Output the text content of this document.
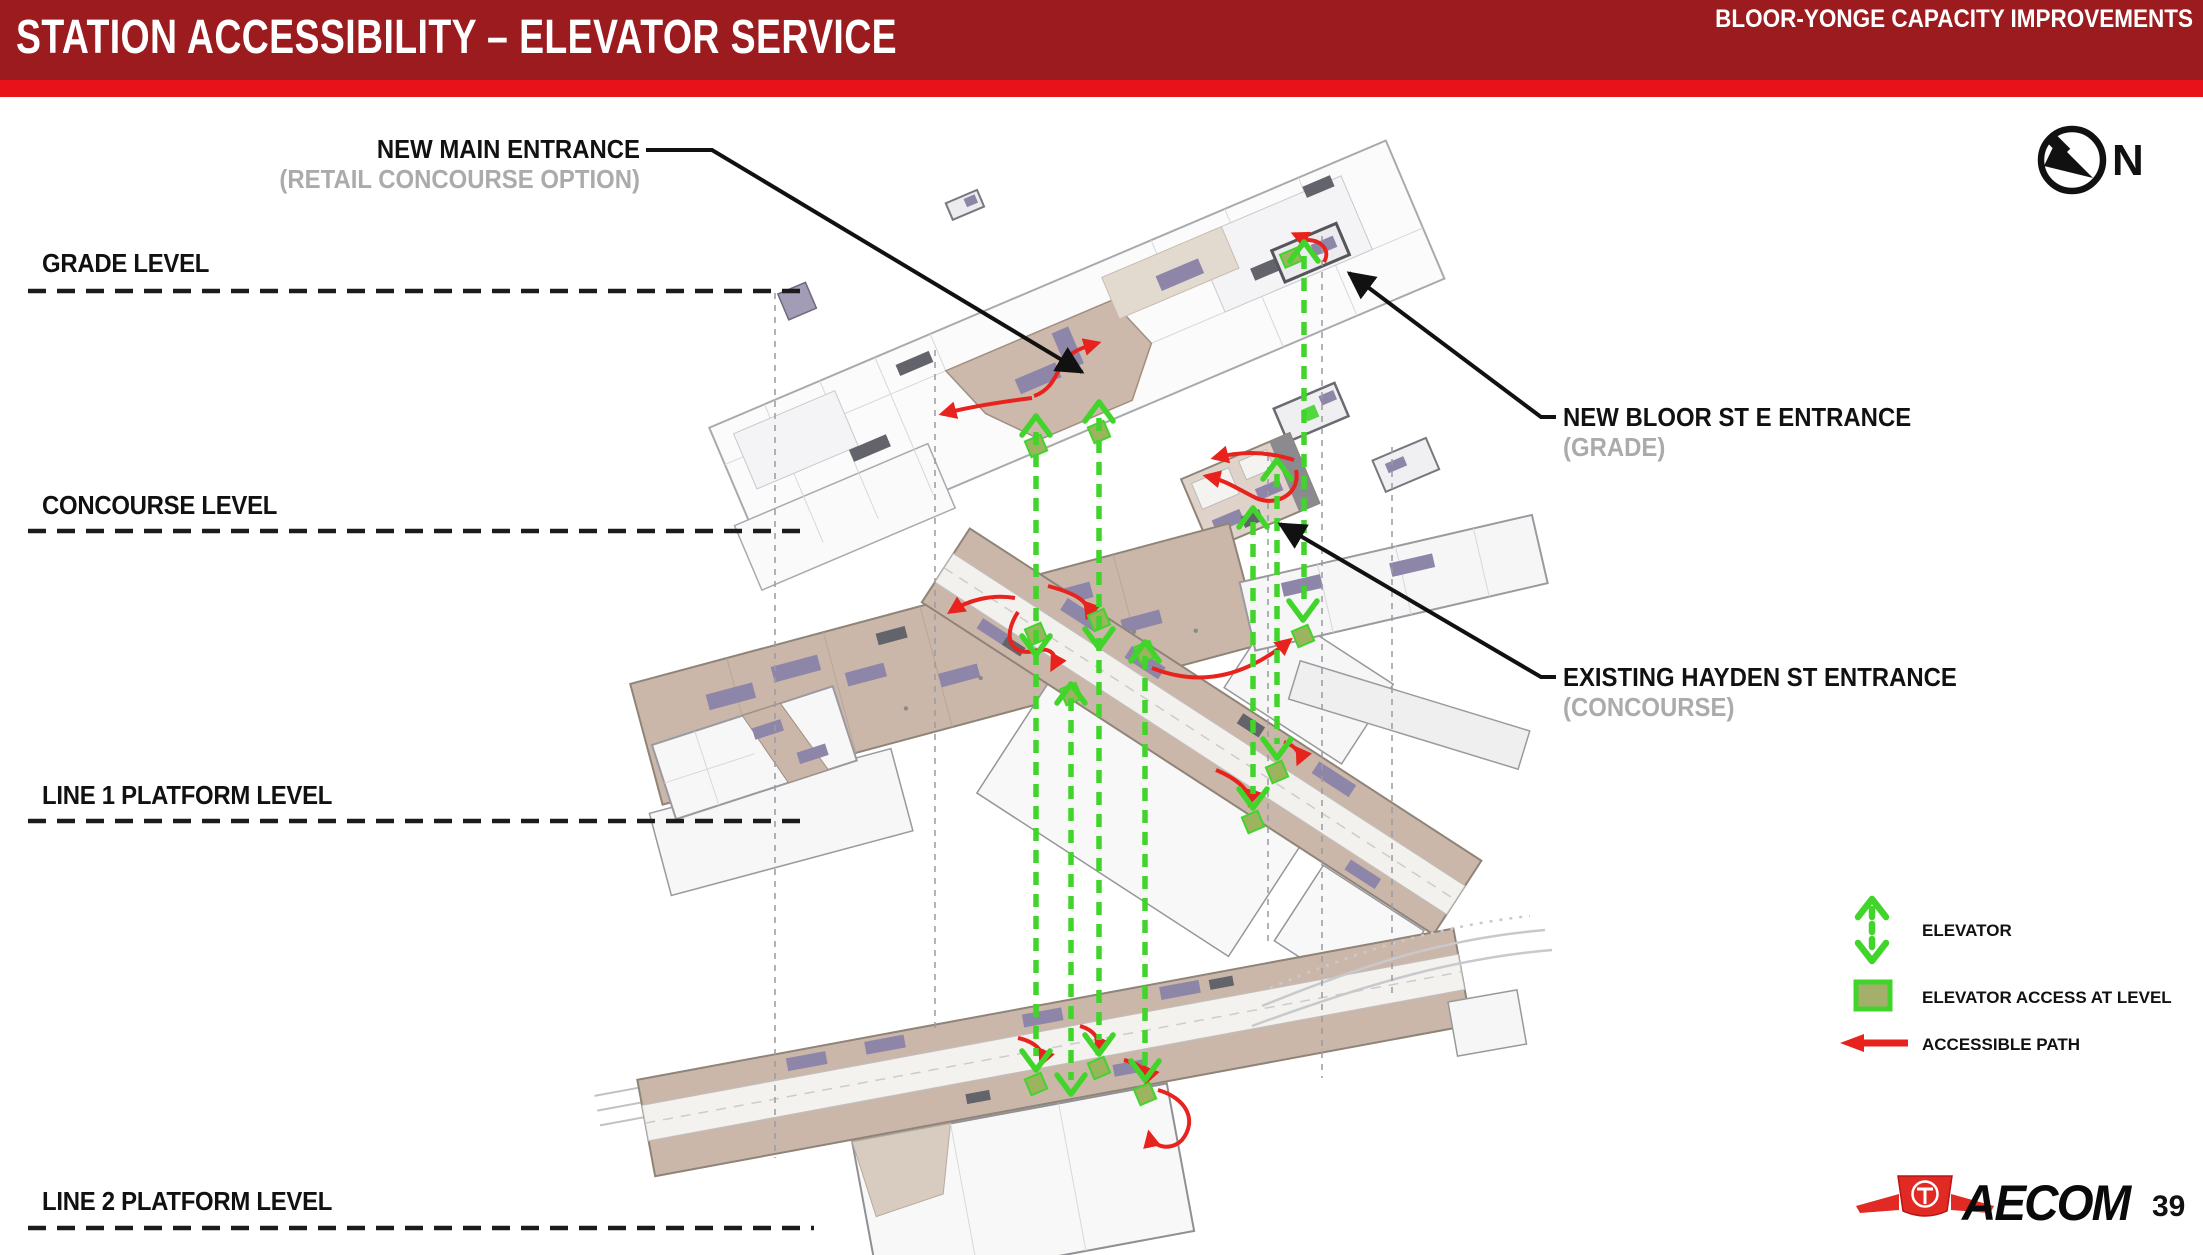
STATION ACCESSIBILITY – ELEVATOR SERVICE	BLOOR-YONGE CAPACITY IMPROVEMENTS
N
GRADE LEVEL
CONCOURSE LEVEL
LINE 1 PLATFORM LEVEL
LINE 2 PLATFORM LEVEL
NEW MAIN ENTRANCE
(RETAIL CONCOURSE OPTION)
NEW BLOOR ST E ENTRANCE
(GRADE)
EXISTING HAYDEN ST ENTRANCE
(CONCOURSE)
ELEVATOR
ELEVATOR ACCESS AT LEVEL
ACCESSIBLE PATH
AECOM 39
